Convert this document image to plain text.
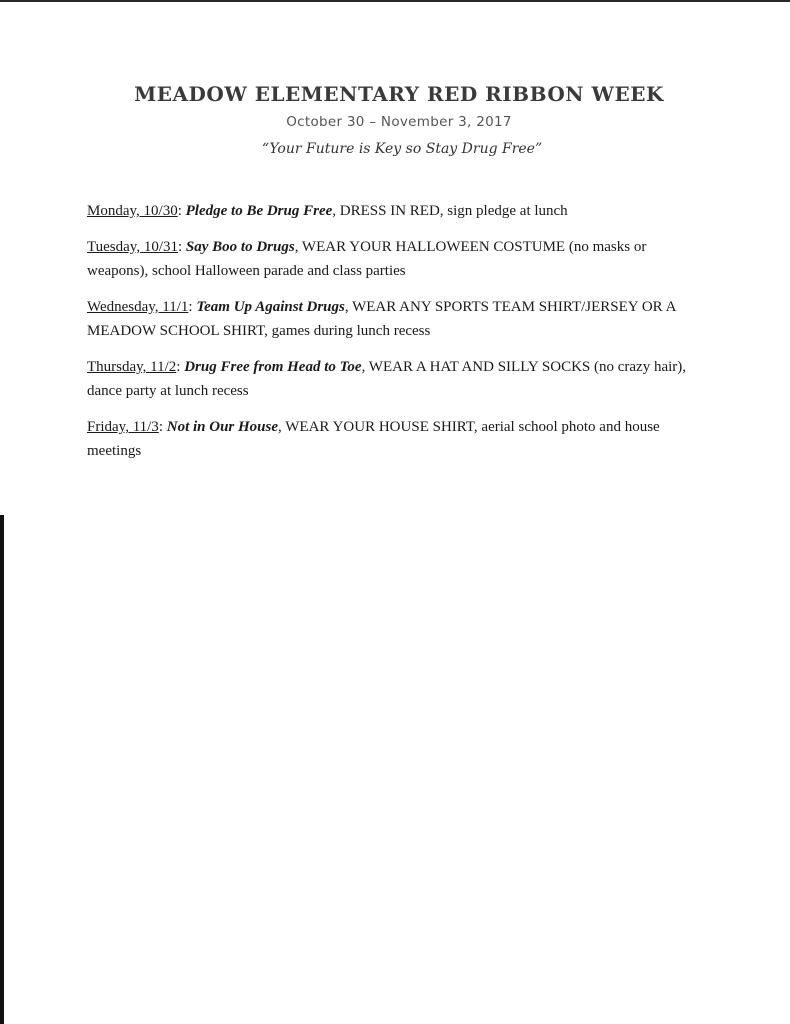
MEADOW ELEMENTARY RED RIBBON WEEK
October 30 – November 3, 2017
“Your Future is Key so Stay Drug Free”

Monday, 10/30: Pledge to Be Drug Free, DRESS IN RED, sign pledge at lunch

Tuesday, 10/31: Say Boo to Drugs, WEAR YOUR HALLOWEEN COSTUME (no masks or weapons), school Halloween parade and class parties

Wednesday, 11/1: Team Up Against Drugs, WEAR ANY SPORTS TEAM SHIRT/JERSEY OR A MEADOW SCHOOL SHIRT, games during lunch recess

Thursday, 11/2: Drug Free from Head to Toe, WEAR A HAT AND SILLY SOCKS (no crazy hair), dance party at lunch recess

Friday, 11/3: Not in Our House, WEAR YOUR HOUSE SHIRT, aerial school photo and house meetings
